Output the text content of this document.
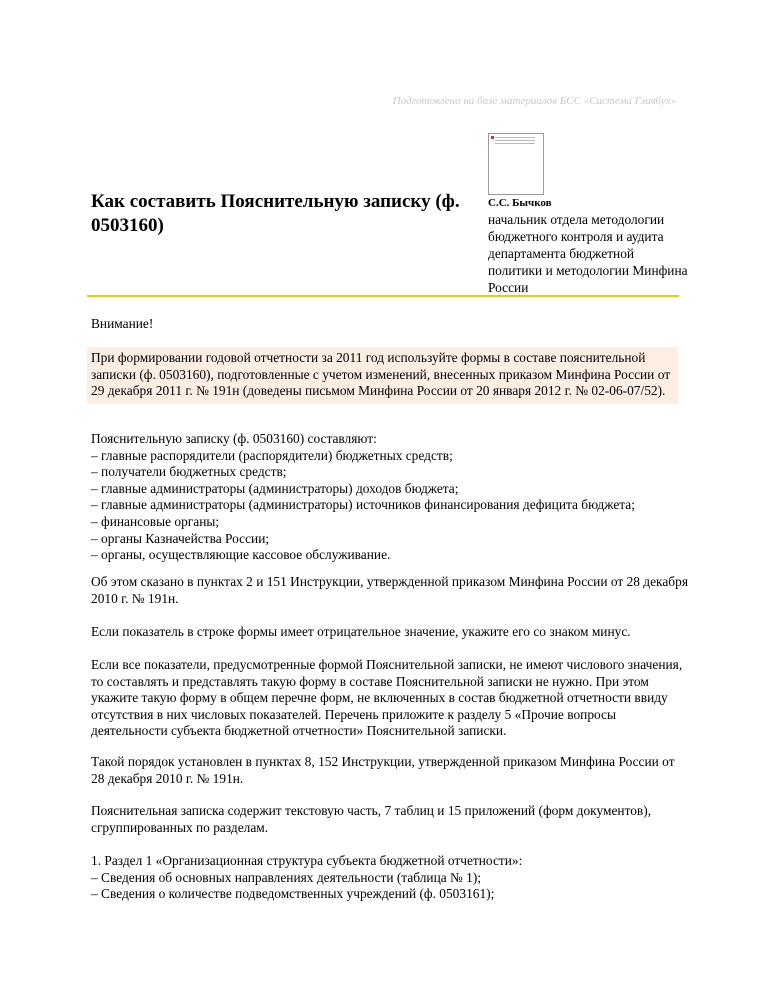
Подготовлено на базе материалов БСС «Система Главбух»
Как составить Пояснительную записку (ф. 0503160)
С.С. Бычков
начальник отдела методологии бюджетного контроля и аудита департамента бюджетной политики и методологии Минфина России

Внимание!

При формировании годовой отчетности за 2011 год используйте формы в составе пояснительной записки (ф. 0503160), подготовленные с учетом изменений, внесенных приказом Минфина России от 29 декабря 2011 г. № 191н (доведены письмом Минфина России от 20 января 2012 г. № 02-06-07/52).
Пояснительную записку (ф. 0503160) составляют:
– главные распорядители (распорядители) бюджетных средств;
– получатели бюджетных средств;
– главные администраторы (администраторы) доходов бюджета;
– главные администраторы (администраторы) источников финансирования дефицита бюджета;
– финансовые органы;
– органы Казначейства России;
– органы, осуществляющие кассовое обслуживание.

Об этом сказано в пунктах 2 и 151 Инструкции, утвержденной приказом Минфина России от 28 декабря 2010 г. № 191н.

Если показатель в строке формы имеет отрицательное значение, укажите его со знаком минус.

Если все показатели, предусмотренные формой Пояснительной записки, не имеют числового значения, то составлять и представлять такую форму в составе Пояснительной записки не нужно. При этом укажите такую форму в общем перечне форм, не включенных в состав бюджетной отчетности ввиду отсутствия в них числовых показателей. Перечень приложите к разделу 5 «Прочие вопросы деятельности субъекта бюджетной отчетности» Пояснительной записки.

Такой порядок установлен в пунктах 8, 152 Инструкции, утвержденной приказом Минфина России от 28 декабря 2010 г. № 191н.

Пояснительная записка содержит текстовую часть, 7 таблиц и 15 приложений (форм документов), сгруппированных по разделам.

1. Раздел 1 «Организационная структура субъекта бюджетной отчетности»:
– Сведения об основных направлениях деятельности (таблица № 1);
– Сведения о количестве подведомственных учреждений (ф. 0503161);
